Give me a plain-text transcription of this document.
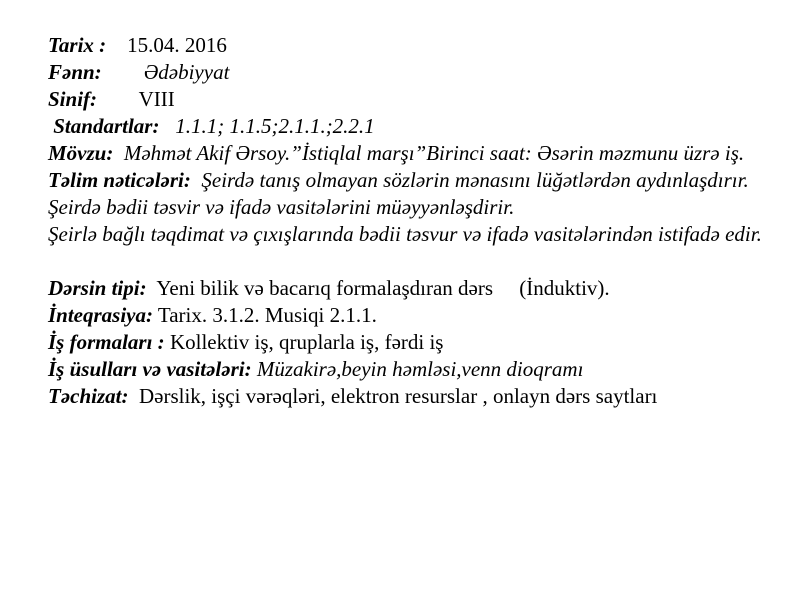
Tarix :    15.04. 2016

Fənn:        Ədəbiyyat

Sinif:        VIII

Standartlar:   1.1.1; 1.1.5;2.1.1.;2.2.1

Mövzu:  Məhmət Akif Ərsoy.”İstiqlal marşı”Birinci saat: Əsərin məzmunu üzrə iş.

Təlim nəticələri:  Şeirdə tanış olmayan sözlərin mənasını lüğətlərdən aydınlaşdırır.

Şeirdə bədii təsvir və ifadə vasitələrini müəyyənləşdirir.

Şeirlə bağlı təqdimat və çıxışlarında bədii təsvur və ifadə vasitələrindən istifadə edir.

Dərsin tipi:  Yeni bilik və bacarıq formalaşdıran dərs     (İnduktiv).

İnteqrasiya: Tarix. 3.1.2. Musiqi 2.1.1.

İş formaları : Kollektiv iş, qruplarla iş, fərdi iş

İş üsulları və vasitələri: Müzakirə,beyin həmləsi,venn dioqramı

Təchizat:  Dərslik, işçi vərəqləri, elektron resurslar , onlayn dərs saytları
